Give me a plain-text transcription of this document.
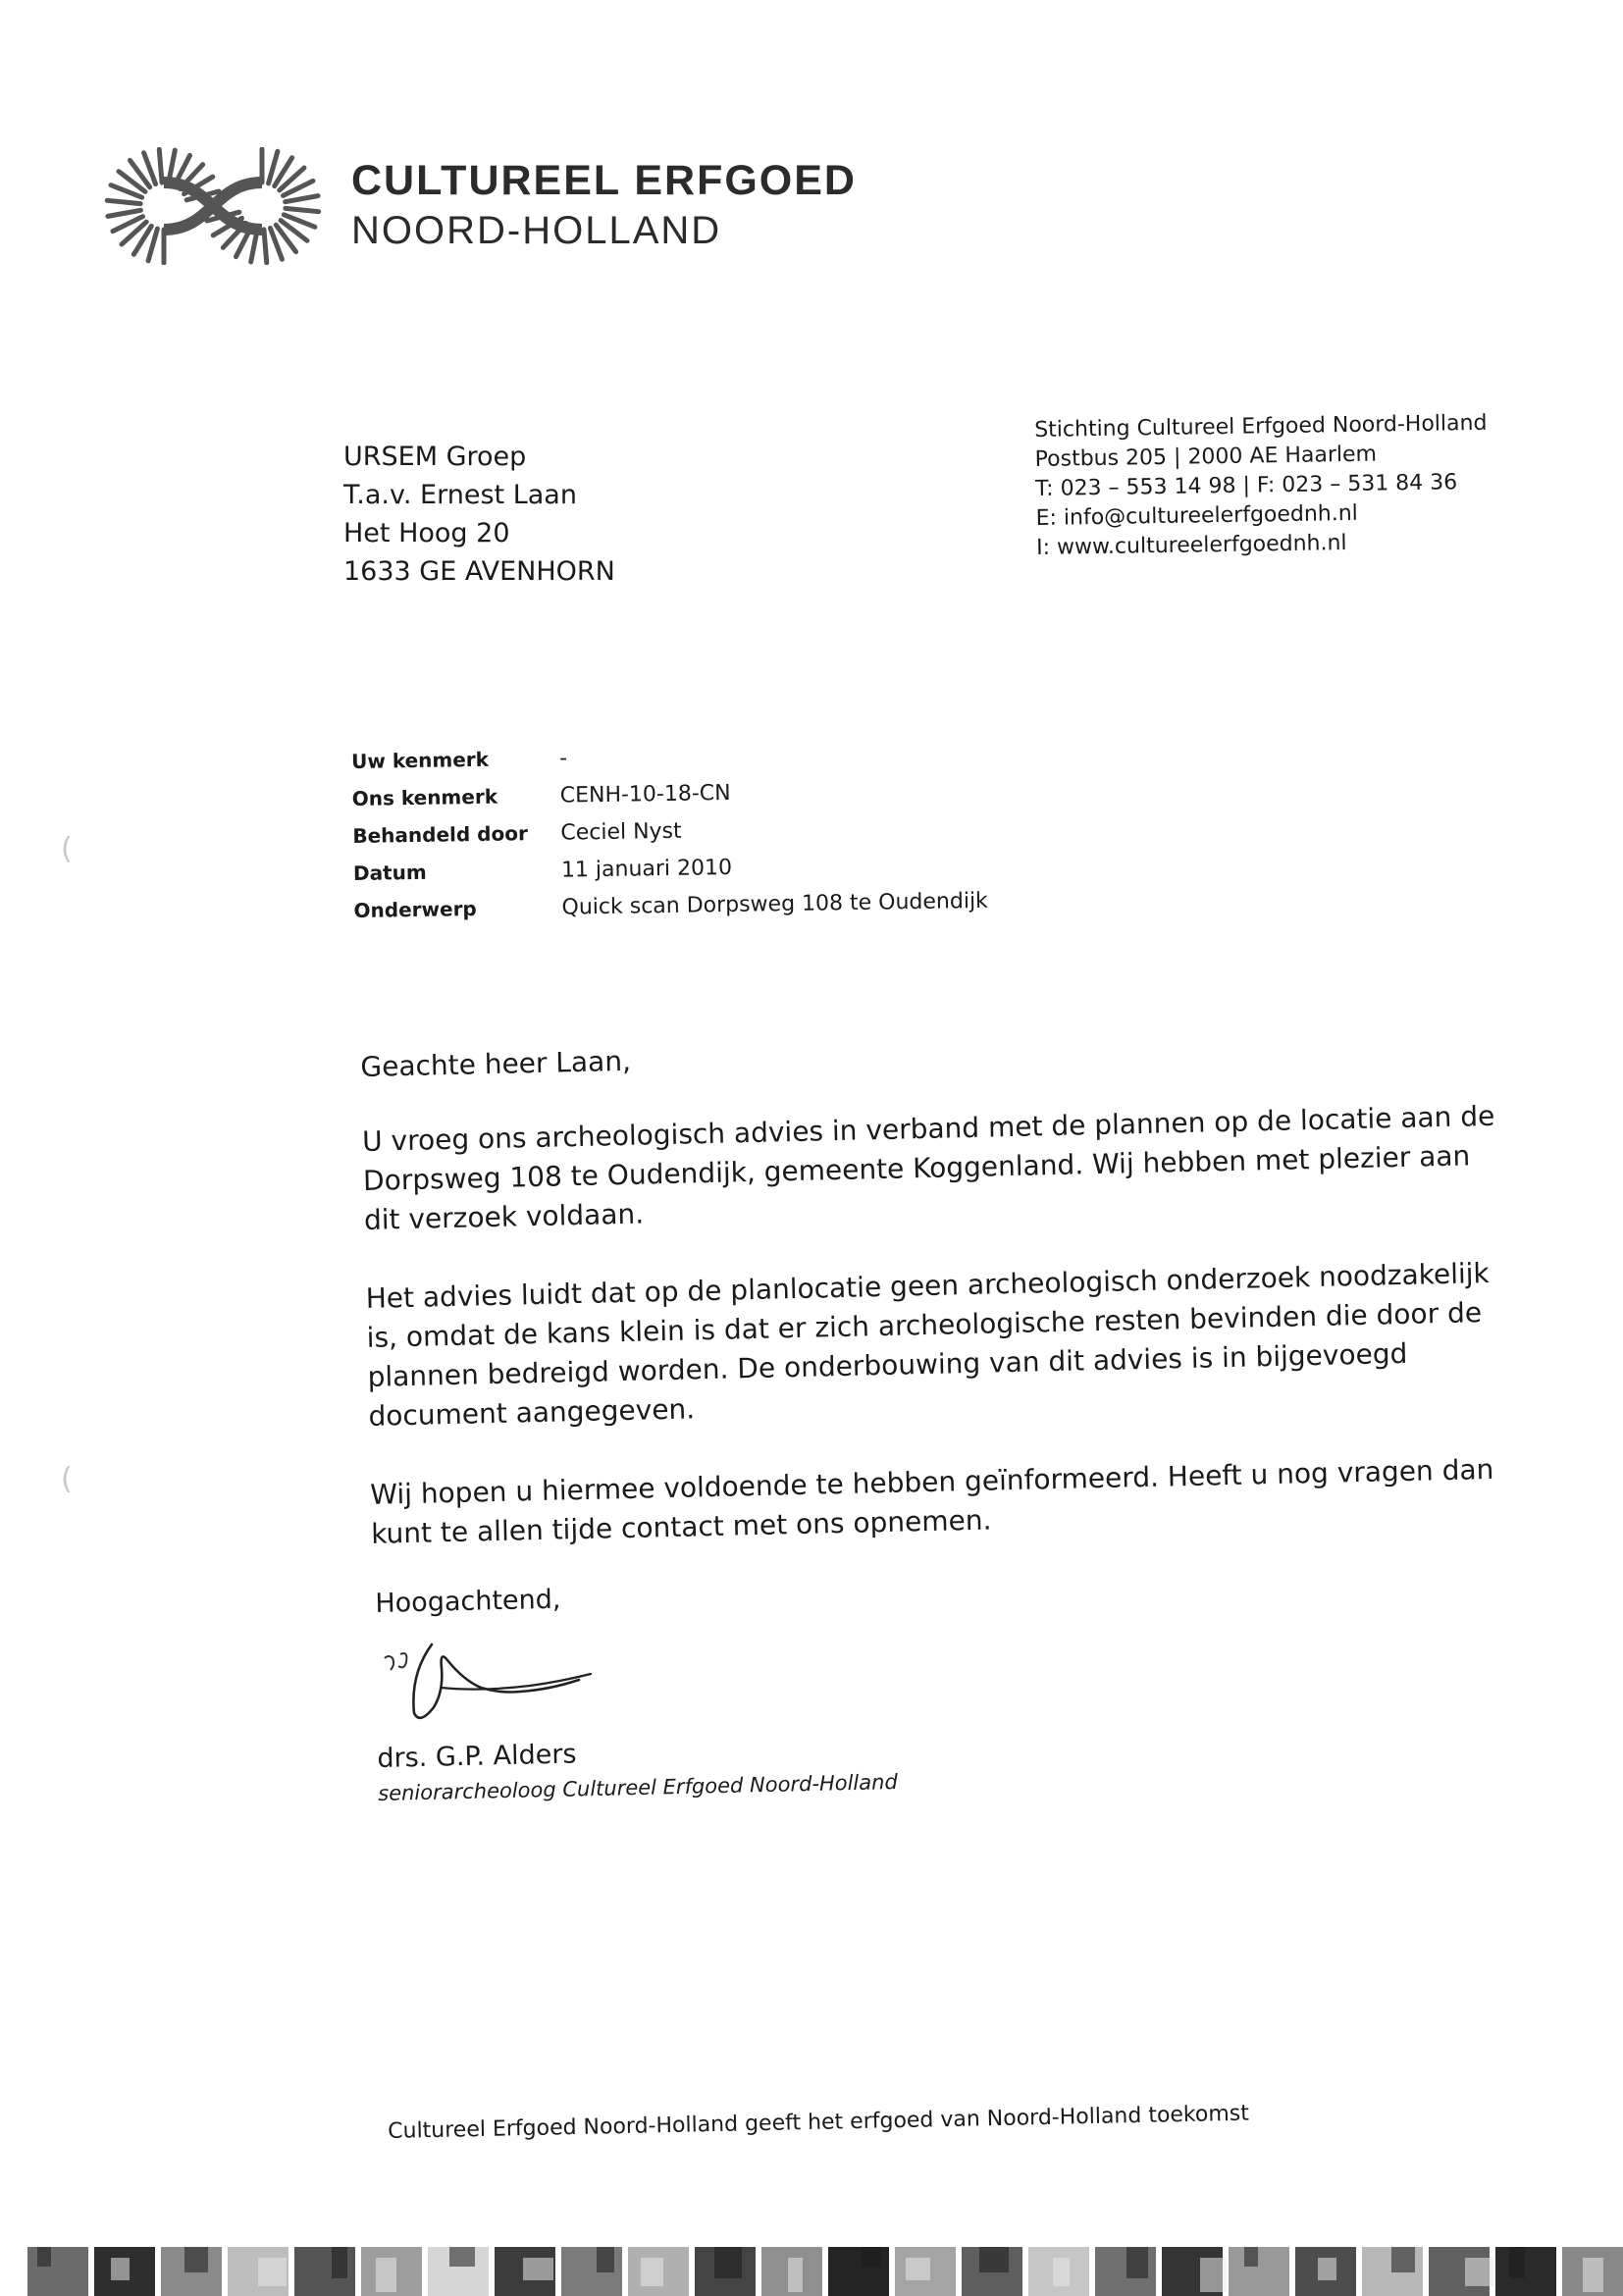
(
(
CULTUREEL ERFGOED
NOORD-HOLLAND
URSEM Groep
T.a.v. Ernest Laan
Het Hoog 20
1633 GE AVENHORN
Stichting Cultureel Erfgoed Noord-Holland
Postbus 205 | 2000 AE Haarlem
T: 023 – 553 14 98 | F: 023 – 531 84 36
E: info@cultureelerfgoednh.nl
I: www.cultureelerfgoednh.nl
Uw kenmerk	-
Ons kenmerk	CENH-10-18-CN
Behandeld door	Ceciel Nyst
Datum	11 januari 2010
Onderwerp	Quick scan Dorpsweg 108 te Oudendijk

Geachte heer Laan,

U vroeg ons archeologisch advies in verband met de plannen op de locatie aan de Dorpsweg 108 te Oudendijk, gemeente Koggenland. Wij hebben met plezier aan dit verzoek voldaan.

Het advies luidt dat op de planlocatie geen archeologisch onderzoek noodzakelijk is, omdat de kans klein is dat er zich archeologische resten bevinden die door de plannen bedreigd worden. De onderbouwing van dit advies is in bijgevoegd document aangegeven.

Wij hopen u hiermee voldoende te hebben geïnformeerd. Heeft u nog vragen dan kunt te allen tijde contact met ons opnemen.

Hoogachtend,
drs. G.P. Alders
seniorarcheoloog Cultureel Erfgoed Noord-Holland
Cultureel Erfgoed Noord-Holland geeft het erfgoed van Noord-Holland toekomst
